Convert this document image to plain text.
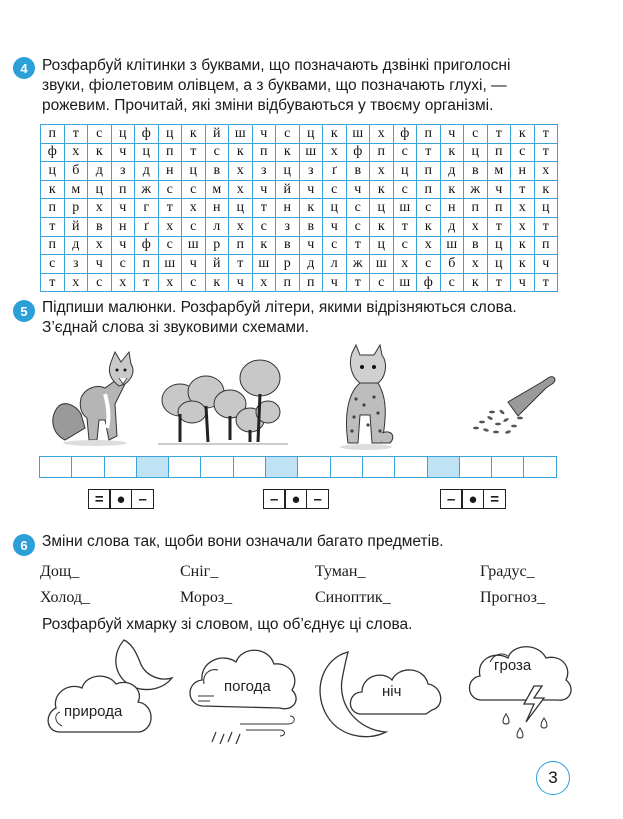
4 Розфарбуй клітинки з буквами, що позначають дзвінкі приголосні
звуки, фіолетовим олівцем, а з буквами, що позначають глухі, —
рожевим. Прочитай, які зміни відбуваються у твоєму організмі.
п	т	с	ц	ф	ц	к	й	ш	ч	с	ц	к	ш	х	ф	п	ч	с	т	к	т
ф	х	к	ч	ц	п	т	с	к	п	к	ш	х	ф	п	с	т	к	ц	п	с	т
ц	б	д	з	д	н	ц	в	х	з	ц	з	ґ	в	х	ц	п	д	в	м	н	х
к	м	ц	п	ж	с	с	м	х	ч	й	ч	с	ч	к	с	п	к	ж	ч	т	к
п	р	х	ч	г	т	х	н	ц	т	н	к	ц	с	ц	ш	с	н	п	п	х	ц
т	й	в	н	ґ	х	с	л	х	с	з	в	ч	с	к	т	к	д	х	т	х	т
п	д	х	ч	ф	с	ш	р	п	к	в	ч	с	т	ц	с	х	ш	в	ц	к	п
с	з	ч	с	п	ш	ч	й	т	ш	р	д	л	ж	ш	х	с	б	х	ц	к	ч
т	х	с	х	т	х	с	к	ч	х	п	п	ч	т	с	ш	ф	с	к	т	ч	т
5 Підпиши малюнки. Розфарбуй літери, якими відрізняються слова.
З’єднай слова зі звуковими схемами.
= ● –	– ● –	– ● =
6 Зміни слова так, щоби вони означали багато предметів.
Дощ_	Сніг_	Туман_	Градус_
Холод_	Мороз_	Синоптик_	Прогноз_
Розфарбуй хмарку зі словом, що об’єднує ці слова.
природа
погода	ніч
гроза
3
